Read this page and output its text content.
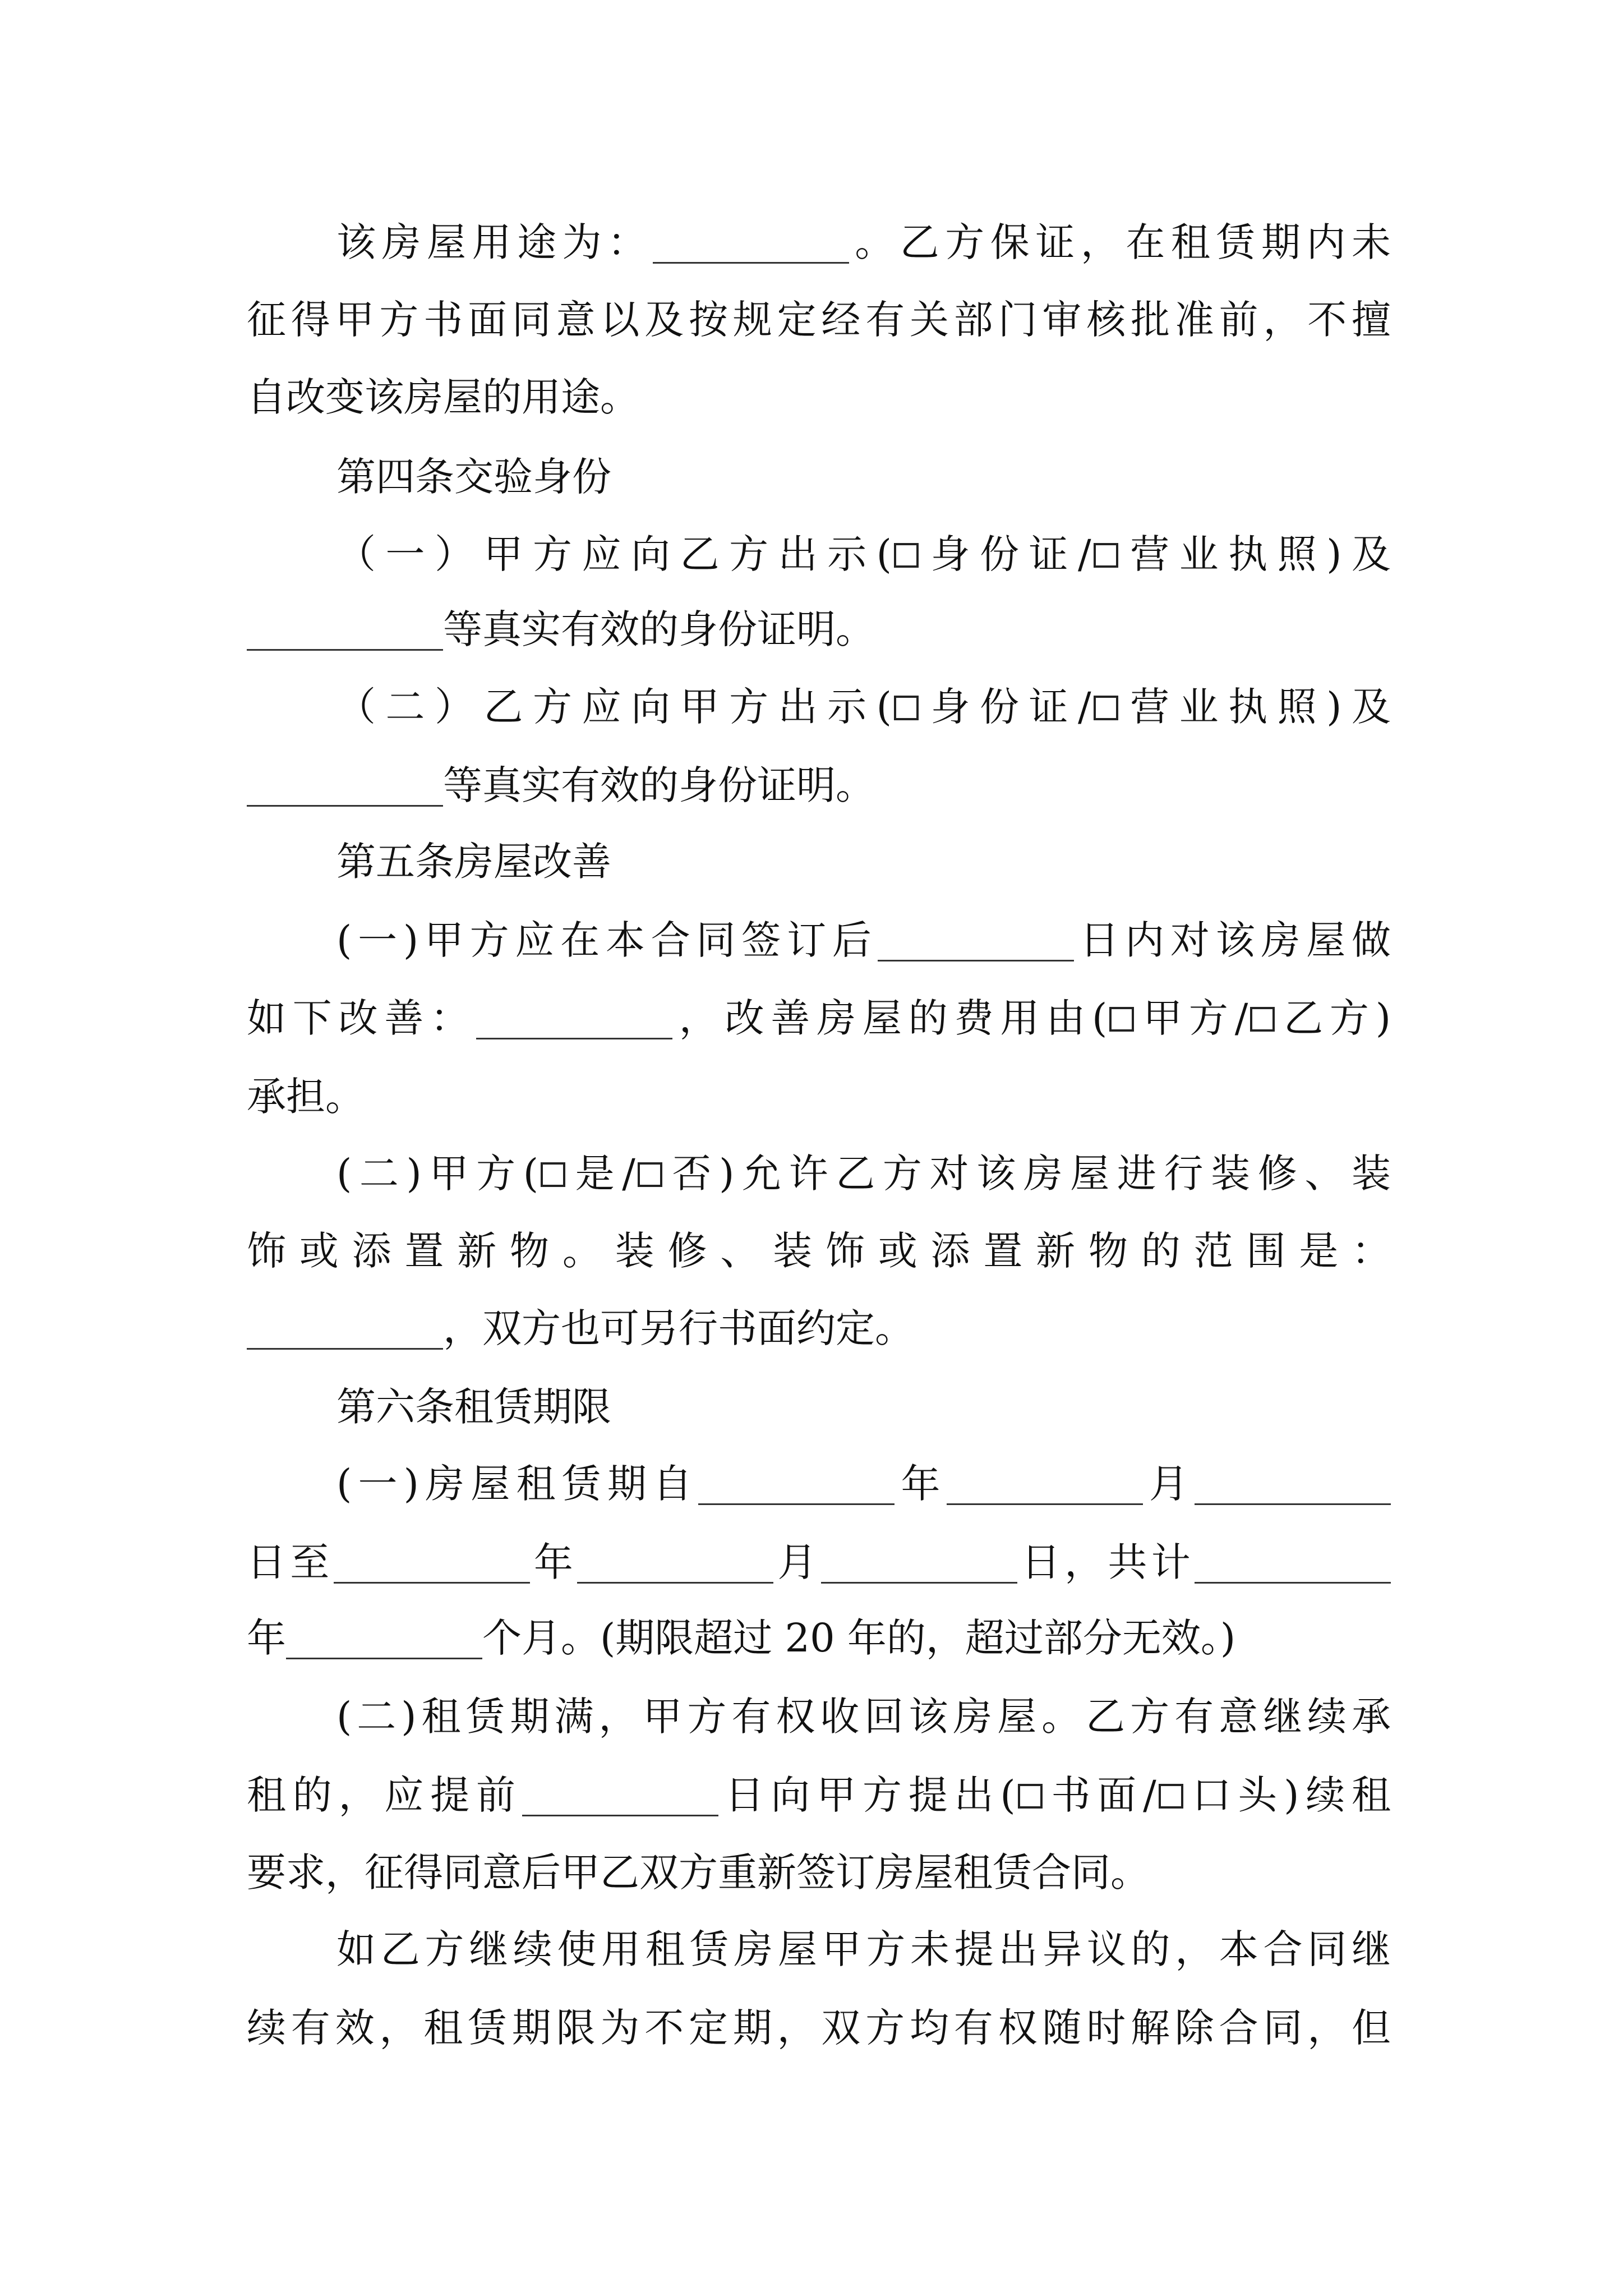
该房屋用途为：	。乙方保证，在租赁期内未
征得甲方书面同意以及按规定经有关部门审核批准前，不擅
自改变该房屋的用途。
第四条交验身份
（一）甲方应向乙方出示( 身份证/ 营业执照)及
等真实有效的身份证明。
（二）乙方应向甲方出示( 身份证/ 营业执照)及
等真实有效的身份证明。
第五条房屋改善
(一)甲方应在本合同签订后	日内对该房屋做
如下改善：	，改善房屋的费用由( 甲方/ 乙方)
承担。
(二)甲方( 是/ 否)允许乙方对该房屋进行装修、装
饰或添置新物。装修、装饰或添置新物的范围是：
，双方也可另行书面约定。
第六条租赁期限
(一)房屋租赁期自	年	月
日至	年	月	日，共计
年	个月。(期限超过 20 年的，超过部分无效。)
(二)租赁期满，甲方有权收回该房屋。乙方有意继续承
租的，应提前	日向甲方提出( 书面/ 口头)续租
要求，征得同意后甲乙双方重新签订房屋租赁合同。
如乙方继续使用租赁房屋甲方未提出异议的，本合同继
续有效，租赁期限为不定期，双方均有权随时解除合同，但
